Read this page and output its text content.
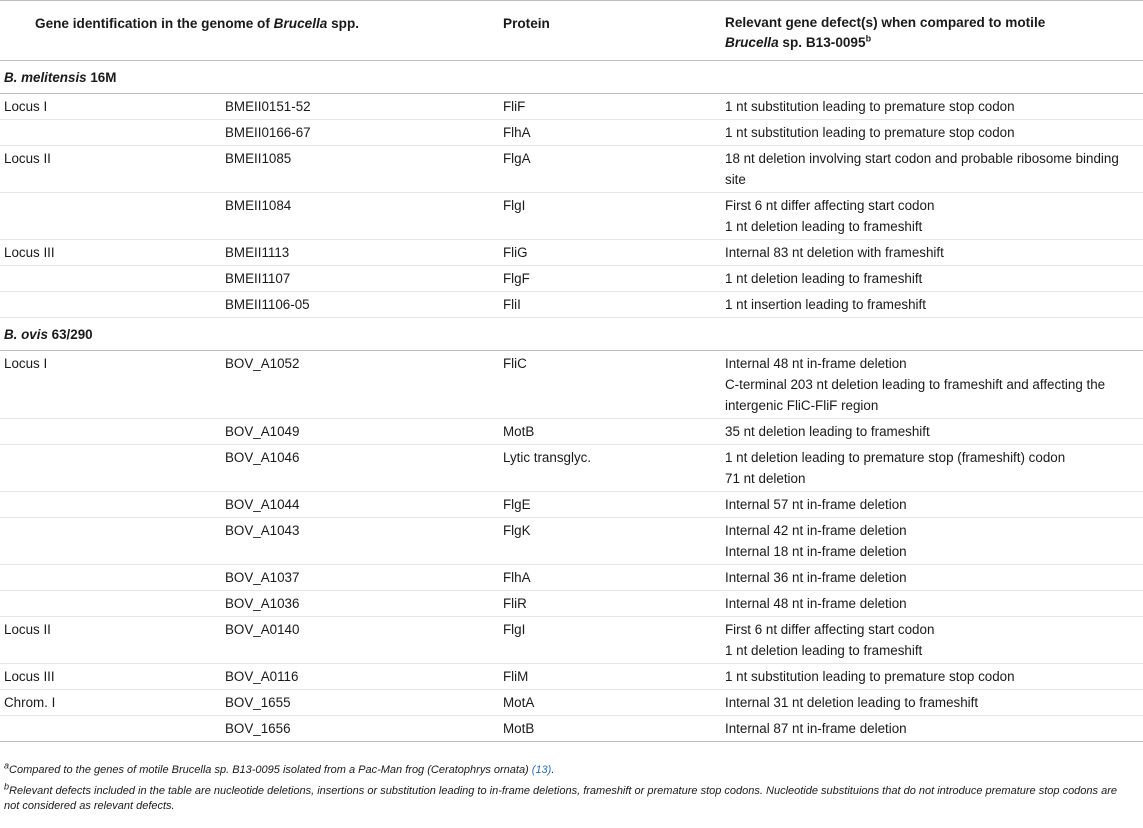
Gene identification in the genome of Brucella spp.		Protein	Relevant gene defect(s) when compared to motile
Brucella sp. B13-0095$^b$
B. melitensis 16M			
Locus I	BMEII0151-52	FliF	1 nt substitution leading to premature stop codon
	BMEII0166-67	FlhA	1 nt substitution leading to premature stop codon
Locus II	BMEII1085	FlgA	18 nt deletion involving start codon and probable ribosome binding site
	BMEII1084	FlgI	First 6 nt differ affecting start codon
1 nt deletion leading to frameshift
Locus III	BMEII1113	FliG	Internal 83 nt deletion with frameshift
	BMEII1107	FlgF	1 nt deletion leading to frameshift
	BMEII1106-05	FliI	1 nt insertion leading to frameshift
B. ovis 63/290			
Locus I	BOV_A1052	FliC	Internal 48 nt in-frame deletion
C-terminal 203 nt deletion leading to frameshift and affecting the intergenic FliC-FliF region
	BOV_A1049	MotB	35 nt deletion leading to frameshift
	BOV_A1046	Lytic transglyc.	1 nt deletion leading to premature stop (frameshift) codon
71 nt deletion
	BOV_A1044	FlgE	Internal 57 nt in-frame deletion
	BOV_A1043	FlgK	Internal 42 nt in-frame deletion
Internal 18 nt in-frame deletion
	BOV_A1037	FlhA	Internal 36 nt in-frame deletion
	BOV_A1036	FliR	Internal 48 nt in-frame deletion
Locus II	BOV_A0140	FlgI	First 6 nt differ affecting start codon
1 nt deletion leading to frameshift
Locus III	BOV_A0116	FliM	1 nt substitution leading to premature stop codon
Chrom. I	BOV_1655	MotA	Internal 31 nt deletion leading to frameshift
	BOV_1656	MotB	Internal 87 nt in-frame deletion

$^a$Compared to the genes of motile Brucella sp. B13-0095 isolated from a Pac-Man frog (Ceratophrys ornata) (13).

$^b$Relevant defects included in the table are nucleotide deletions, insertions or substitution leading to in-frame deletions, frameshift or premature stop codons. Nucleotide substituions that do not introduce premature stop codons are not considered as relevant defects.
